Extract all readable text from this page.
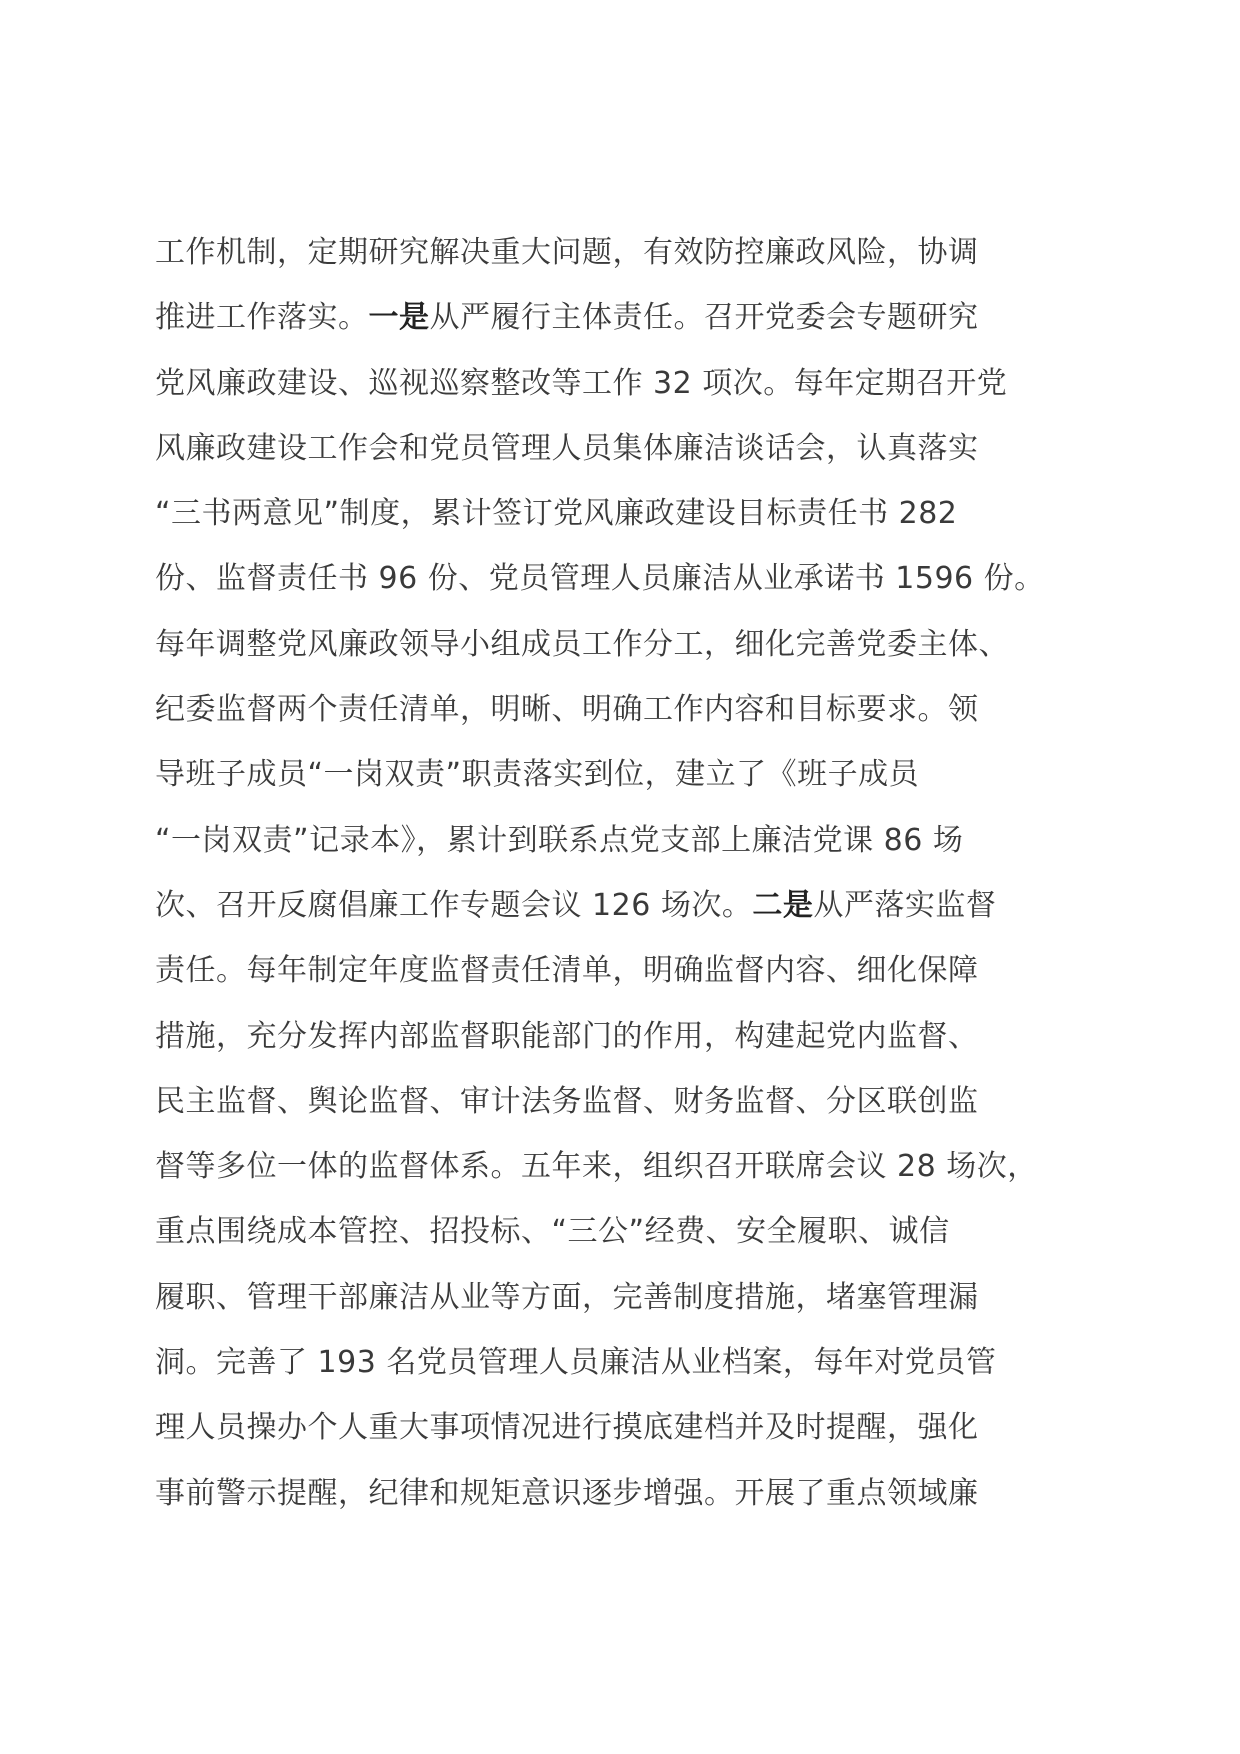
工作机制，定期研究解决重大问题，有效防控廉政风险，协调
推进工作落实。一是从严履行主体责任。召开党委会专题研究
党风廉政建设、巡视巡察整改等工作 32 项次。每年定期召开党
风廉政建设工作会和党员管理人员集体廉洁谈话会，认真落实
“三书两意见”制度，累计签订党风廉政建设目标责任书 282
份、监督责任书 96 份、党员管理人员廉洁从业承诺书 1596 份。
每年调整党风廉政领导小组成员工作分工，细化完善党委主体、
纪委监督两个责任清单，明晰、明确工作内容和目标要求。领
导班子成员“一岗双责”职责落实到位，建立了《班子成员
“一岗双责”记录本》，累计到联系点党支部上廉洁党课 86 场
次、召开反腐倡廉工作专题会议 126 场次。二是从严落实监督
责任。每年制定年度监督责任清单，明确监督内容、细化保障
措施，充分发挥内部监督职能部门的作用，构建起党内监督、
民主监督、舆论监督、审计法务监督、财务监督、分区联创监
督等多位一体的监督体系。五年来，组织召开联席会议 28 场次，
重点围绕成本管控、招投标、“三公”经费、安全履职、诚信
履职、管理干部廉洁从业等方面，完善制度措施，堵塞管理漏
洞。完善了 193 名党员管理人员廉洁从业档案，每年对党员管
理人员操办个人重大事项情况进行摸底建档并及时提醒，强化
事前警示提醒，纪律和规矩意识逐步增强。开展了重点领域廉
